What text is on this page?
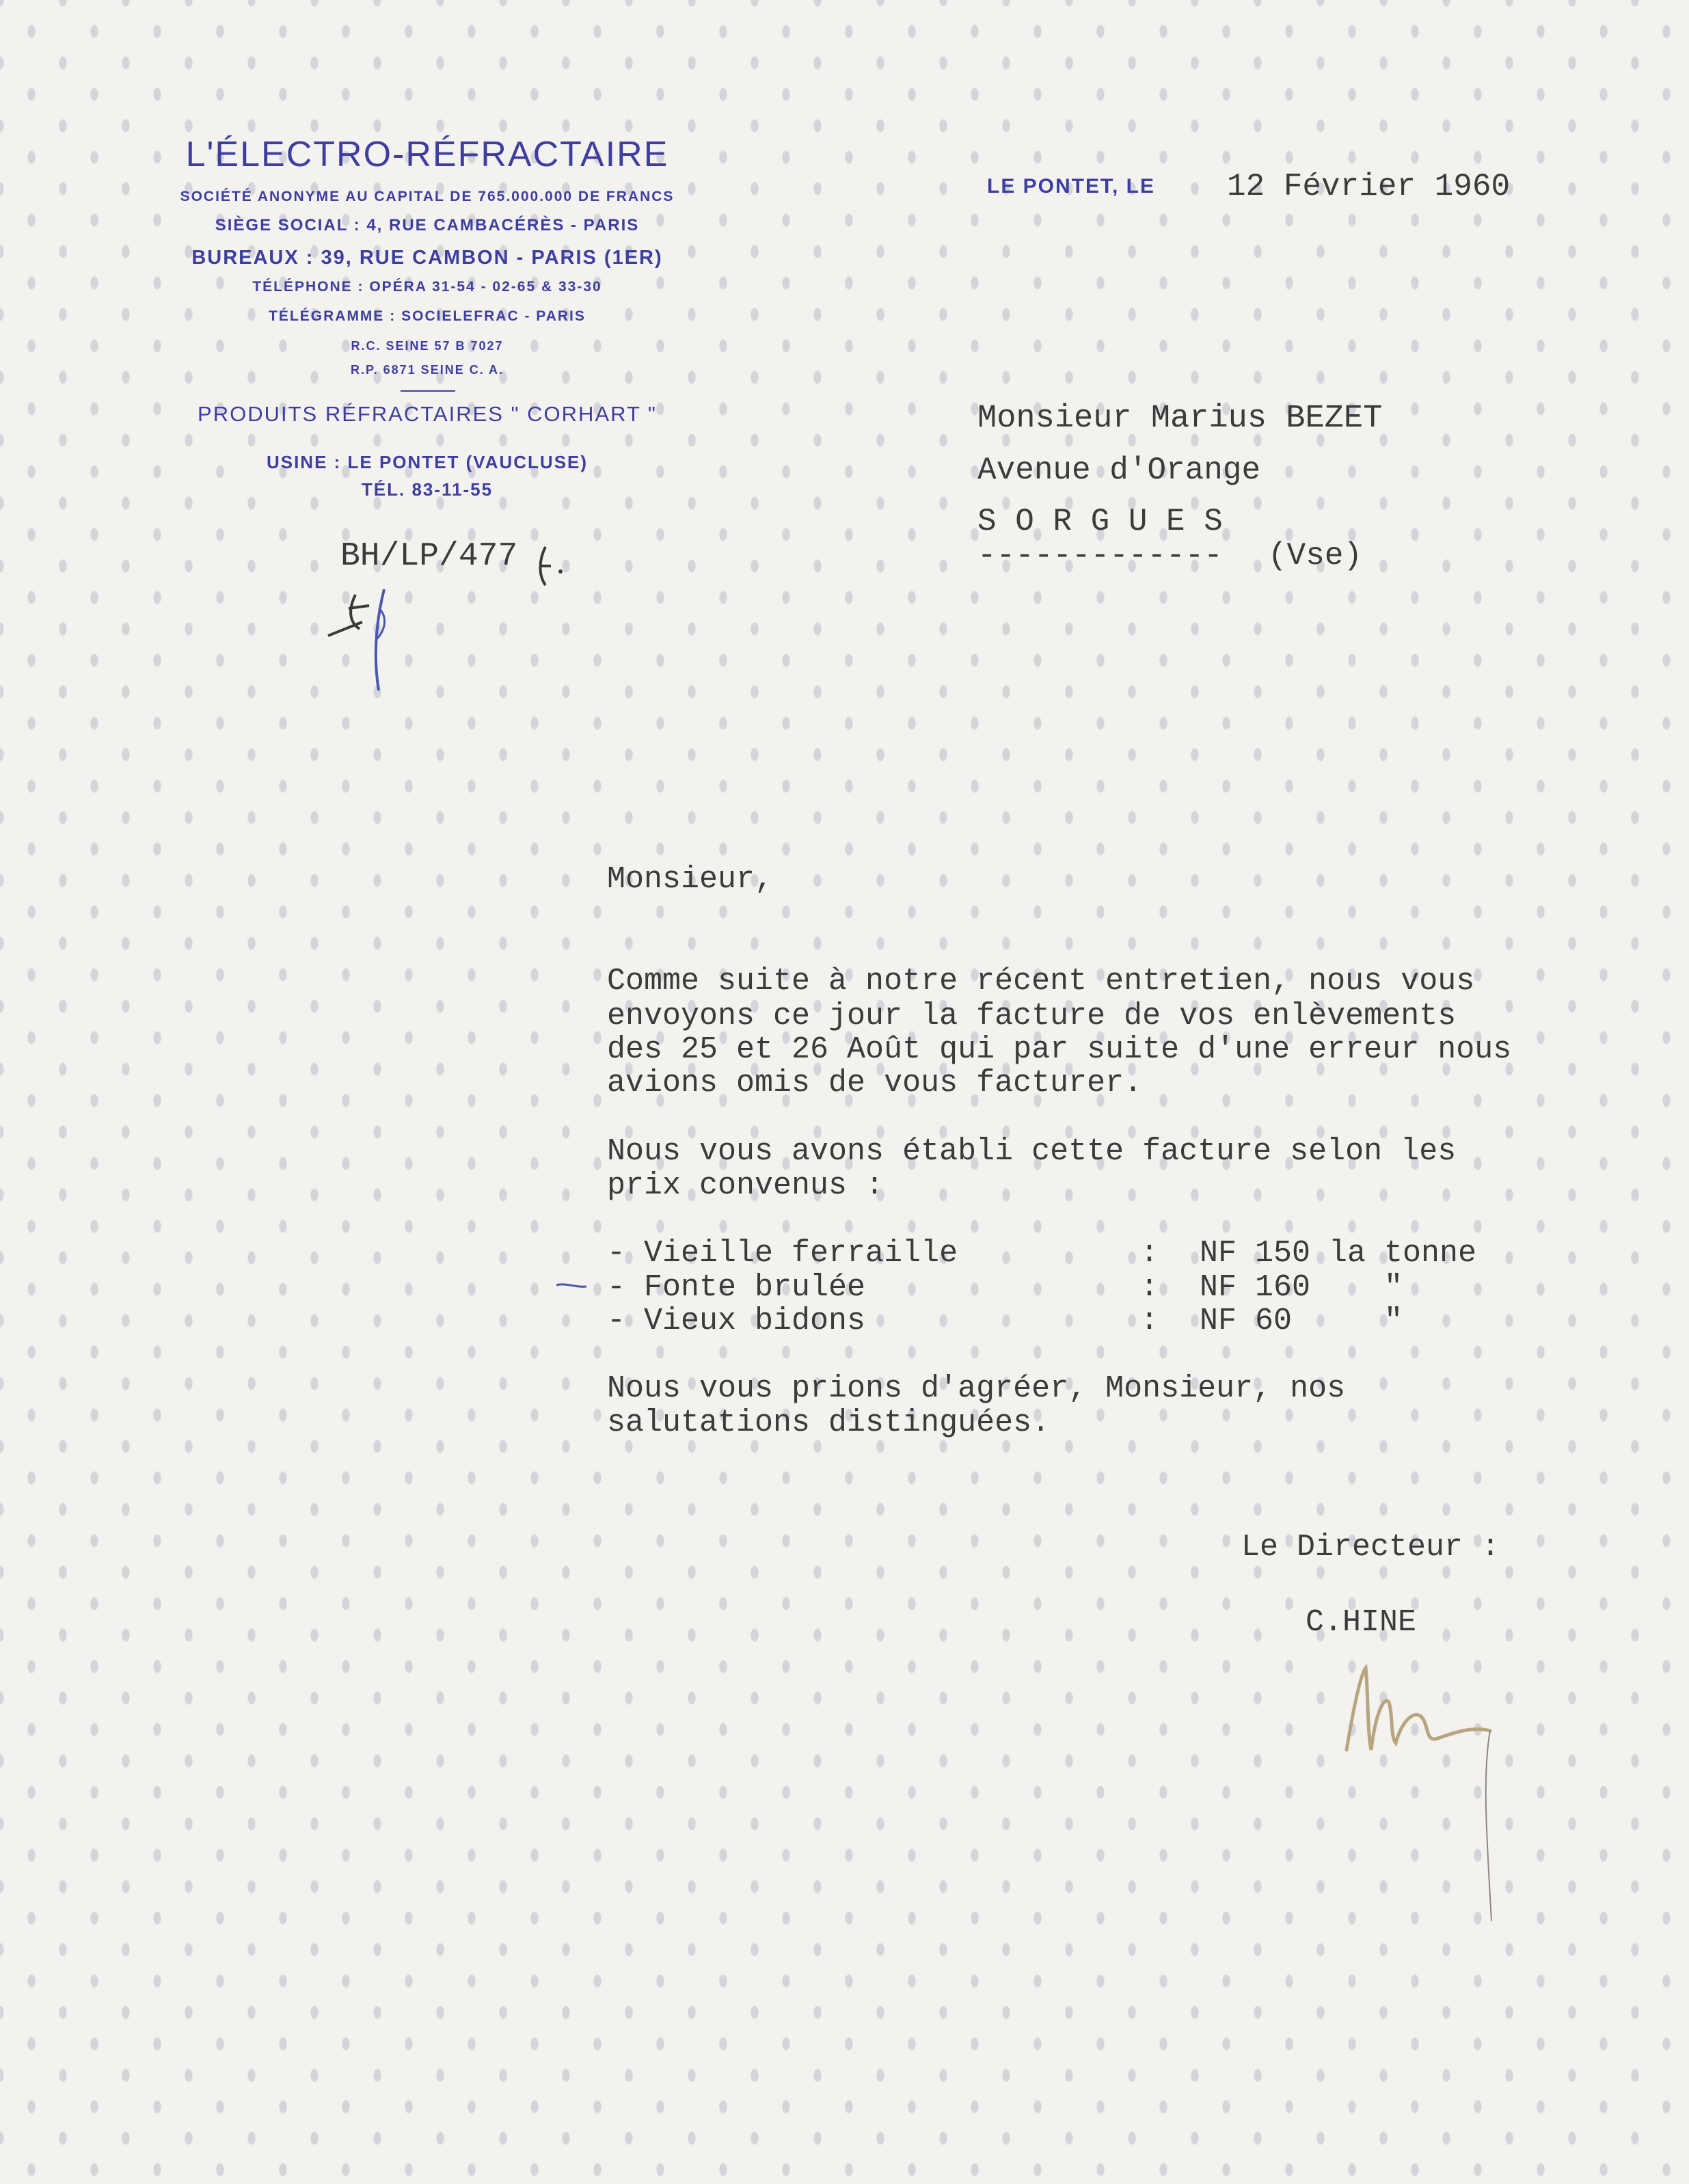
L'ÉLECTRO-RÉFRACTAIRE
SOCIÉTÉ ANONYME AU CAPITAL DE 765.000.000 DE FRANCS
SIÈGE SOCIAL : 4, RUE CAMBACÉRÈS - PARIS
BUREAUX : 39, RUE CAMBON - PARIS (1ER)
TÉLÉPHONE : OPÉRA 31-54 - 02-65 & 33-30
TÉLÉGRAMME : SOCIELEFRAC - PARIS
R.C. SEINE 57 B 7027
R.P. 6871 SEINE C. A.
PRODUITS RÉFRACTAIRES " CORHART "
USINE : LE PONTET (VAUCLUSE)
TÉL. 83-11-55
LE PONTET, LE 12 Février 1960
BH/LP/477
Monsieur Marius BEZET
Avenue d'Orange
S O R G U E S
------------- (Vse)
Monsieur,
Comme suite à notre récent entretien, nous vous
envoyons ce jour la facture de vos enlèvements
des 25 et 26 Août qui par suite d'une erreur nous
avions omis de vous facturer.
Nous vous avons établi cette facture selon les
prix convenus :
- Vieille ferraille	: NF 150 la tonne
- Fonte brulée	: NF 160    "
- Vieux bidons	: NF 60     "
Nous vous prions d'agréer, Monsieur, nos
salutations distinguées.
Le Directeur :
C.HINE
